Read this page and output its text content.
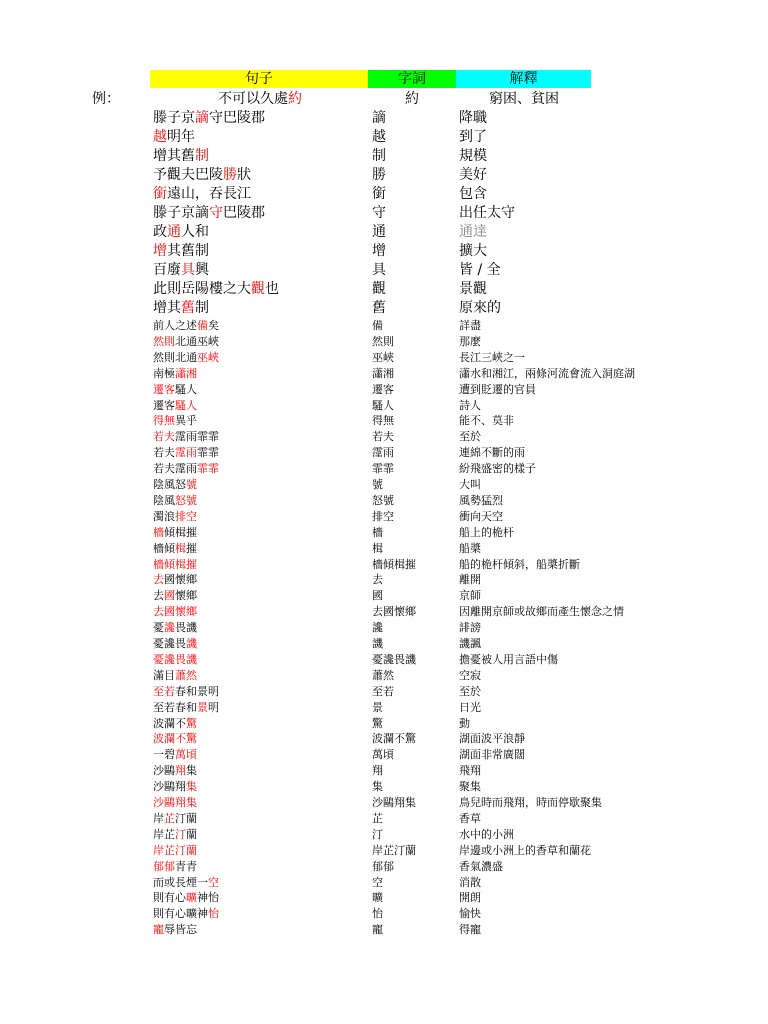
句子	字詞	解釋
例：	不可以久處約	約	窮困、貧困
滕子京謫守巴陵郡	謫	降職
越明年	越	到了
增其舊制	制	規模
予觀夫巴陵勝狀	勝	美好
銜遠山，吞長江	銜	包含
滕子京謫守巴陵郡	守	出任太守
政通人和	通	通達
增其舊制	增	擴大
百廢具興	具	皆 / 全
此則岳陽樓之大觀也	觀	景觀
增其舊制	舊	原來的
前人之述備矣	備	詳盡
然則北通巫峽	然則	那麼
然則北通巫峽	巫峽	長江三峽之一
南極瀟湘	瀟湘	瀟水和湘江，兩條河流會流入洞庭湖
遷客騷人	遷客	遭到貶遷的官員
遷客騷人	騷人	詩人
得無異乎	得無	能不、莫非
若夫霪雨霏霏	若夫	至於
若夫霪雨霏霏	霪雨	連綿不斷的雨
若夫霪雨霏霏	霏霏	紛飛盛密的樣子
陰風怒號	號	大叫
陰風怒號	怒號	風勢猛烈
濁浪排空	排空	衝向天空
檣傾楫摧	檣	船上的桅杆
檣傾楫摧	楫	船槳
檣傾楫摧	檣傾楫摧	船的桅杆傾斜，船槳折斷
去國懷鄉	去	離開
去國懷鄉	國	京師
去國懷鄉	去國懷鄉	因離開京師或故鄉而產生懷念之情
憂讒畏譏	讒	誹謗
憂讒畏譏	譏	譏諷
憂讒畏譏	憂讒畏譏	擔憂被人用言語中傷
滿目蕭然	蕭然	空寂
至若春和景明	至若	至於
至若春和景明	景	日光
波瀾不驚	驚	動
波瀾不驚	波瀾不驚	湖面波平浪靜
一碧萬頃	萬頃	湖面非常廣闊
沙鷗翔集	翔	飛翔
沙鷗翔集	集	聚集
沙鷗翔集	沙鷗翔集	鳥兒時而飛翔，時而停歇聚集
岸芷汀蘭	芷	香草
岸芷汀蘭	汀	水中的小洲
岸芷汀蘭	岸芷汀蘭	岸邊或小洲上的香草和蘭花
郁郁青青	郁郁	香氣濃盛
而或長煙一空	空	消散
則有心曠神怡	曠	開朗
則有心曠神怡	怡	愉快
寵辱皆忘	寵	得寵
